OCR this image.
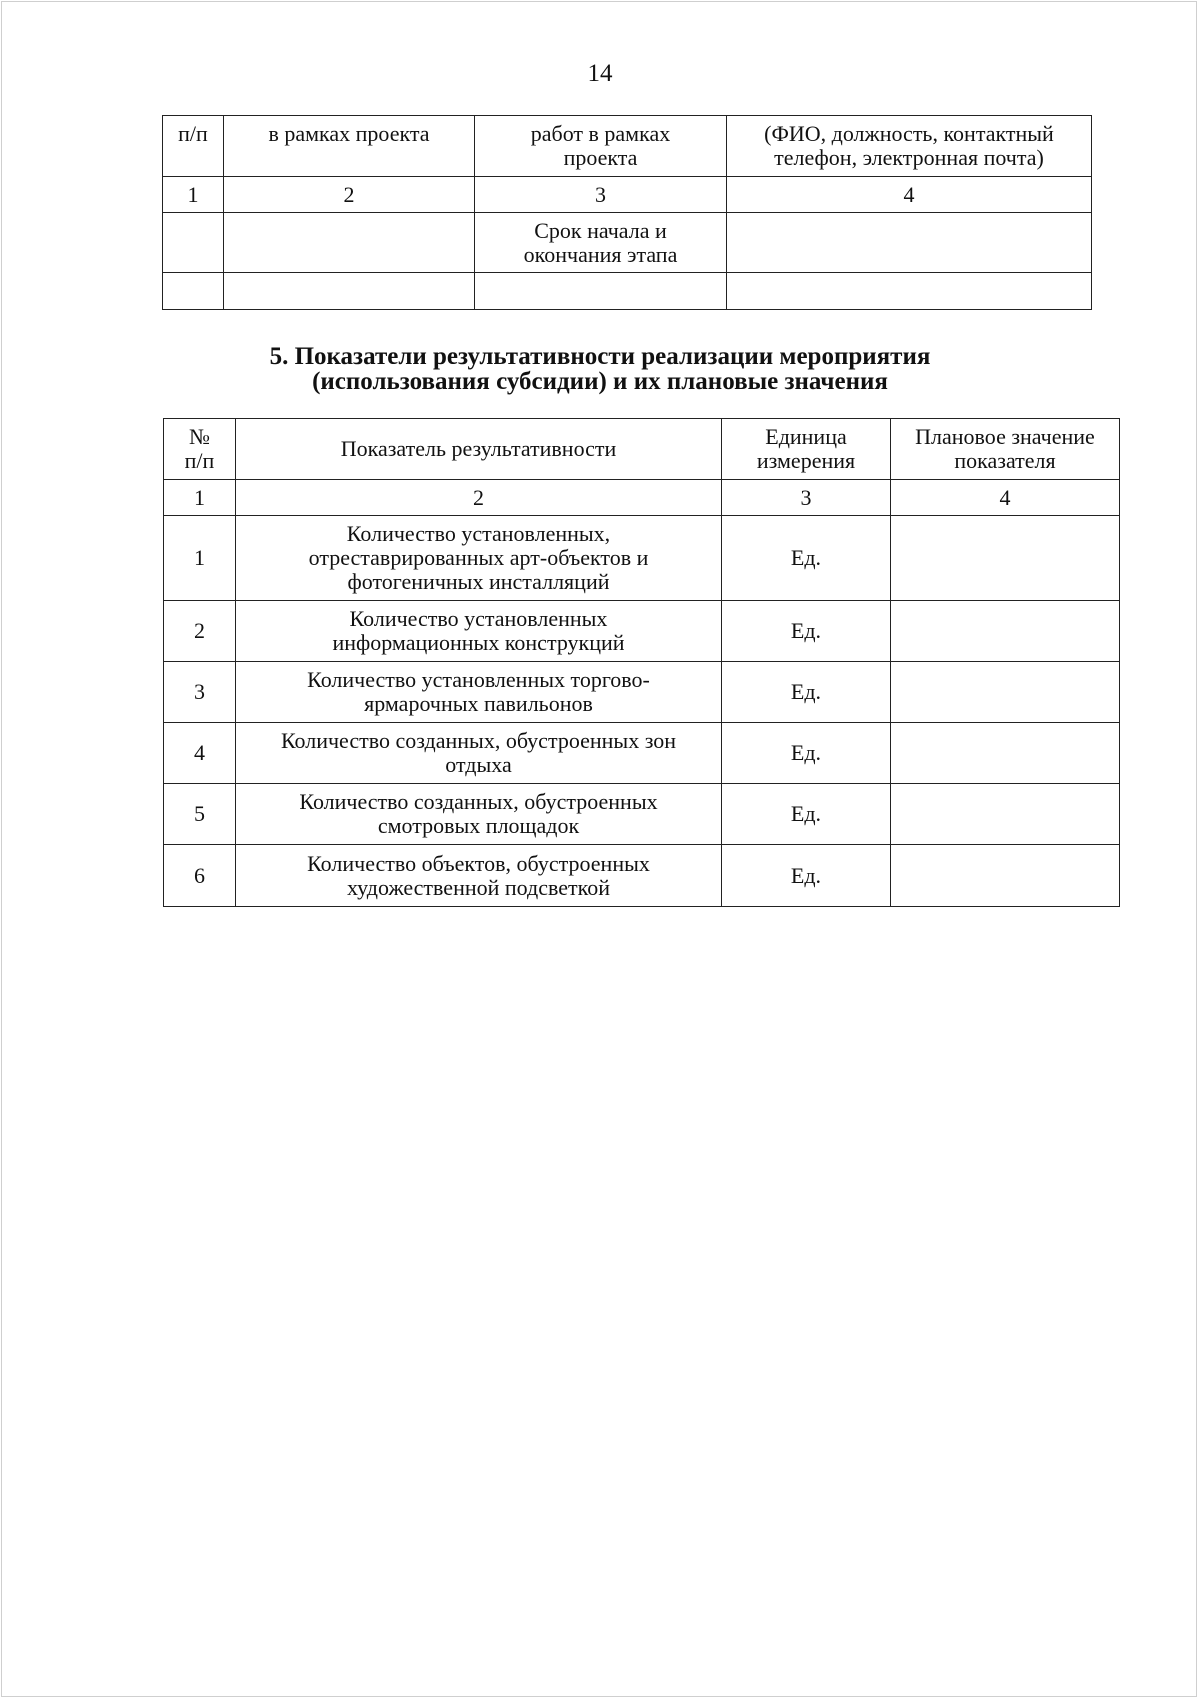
14
п/п	в рамках проекта	работ в рамках проекта	(ФИО, должность, контактный телефон, электронная почта)
1	2	3	4
		Срок начала и окончания этапа	

5. Показатели результативности реализации мероприятия
(использования субсидии) и их плановые значения
№ п/п	Показатель результативности	Единица измерения	Плановое значение показателя
1	2	3	4
1	Количество установленных, отреставрированных арт-объектов и фотогеничных инсталляций	Ед.	
2	Количество установленных информационных конструкций	Ед.	
3	Количество установленных торгово-ярмарочных павильонов	Ед.	
4	Количество созданных, обустроенных зон отдыха	Ед.	
5	Количество созданных, обустроенных смотровых площадок	Ед.	
6	Количество объектов, обустроенных художественной подсветкой	Ед.	
